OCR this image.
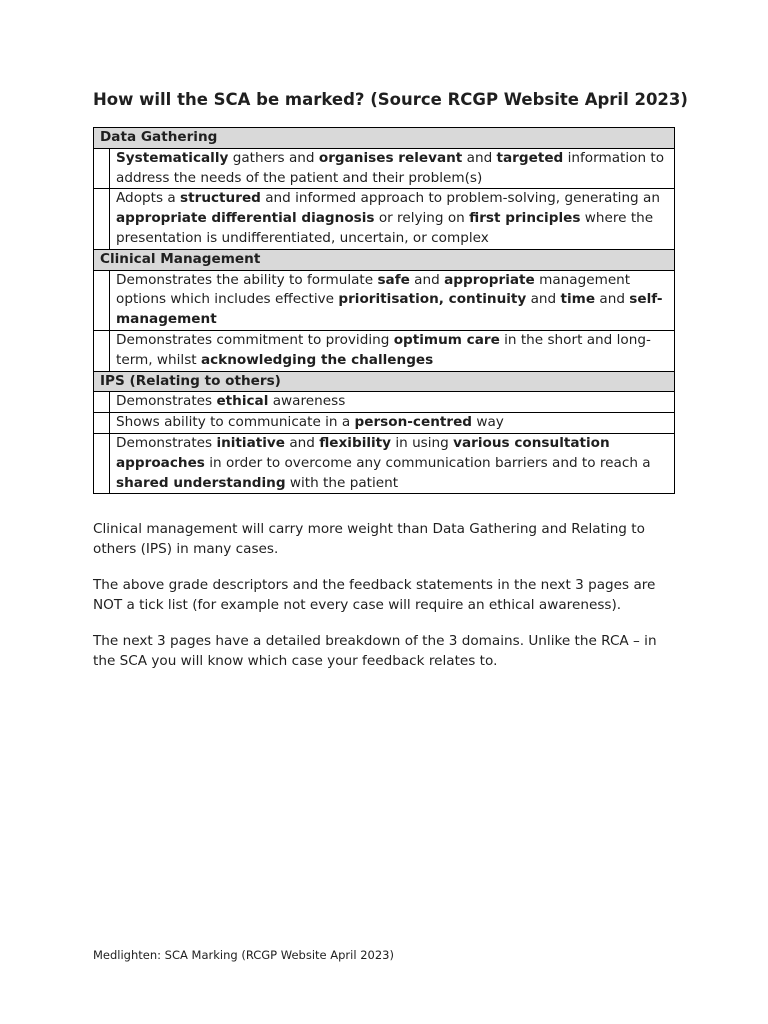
How will the SCA be marked? (Source RCGP Website April 2023)
Data Gathering	
	Systematically gathers and organises relevant and targeted information to address the needs of the patient and their problem(s)
	Adopts a structured and informed approach to problem-solving, generating an appropriate differential diagnosis or relying on first principles where the presentation is undifferentiated, uncertain, or complex
Clinical Management	
	Demonstrates the ability to formulate safe and appropriate management options which includes effective prioritisation, continuity and time and self-management
	Demonstrates commitment to providing optimum care in the short and long-term, whilst acknowledging the challenges
IPS (Relating to others)	
	Demonstrates ethical awareness
	Shows ability to communicate in a person-centred way
	Demonstrates initiative and flexibility in using various consultation approaches in order to overcome any communication barriers and to reach a shared understanding with the patient

Clinical management will carry more weight than Data Gathering and Relating to others (IPS) in many cases.

The above grade descriptors and the feedback statements in the next 3 pages are NOT a tick list (for example not every case will require an ethical awareness).

The next 3 pages have a detailed breakdown of the 3 domains. Unlike the RCA – in the SCA you will know which case your feedback relates to.

Medlighten: SCA Marking (RCGP Website April 2023)
